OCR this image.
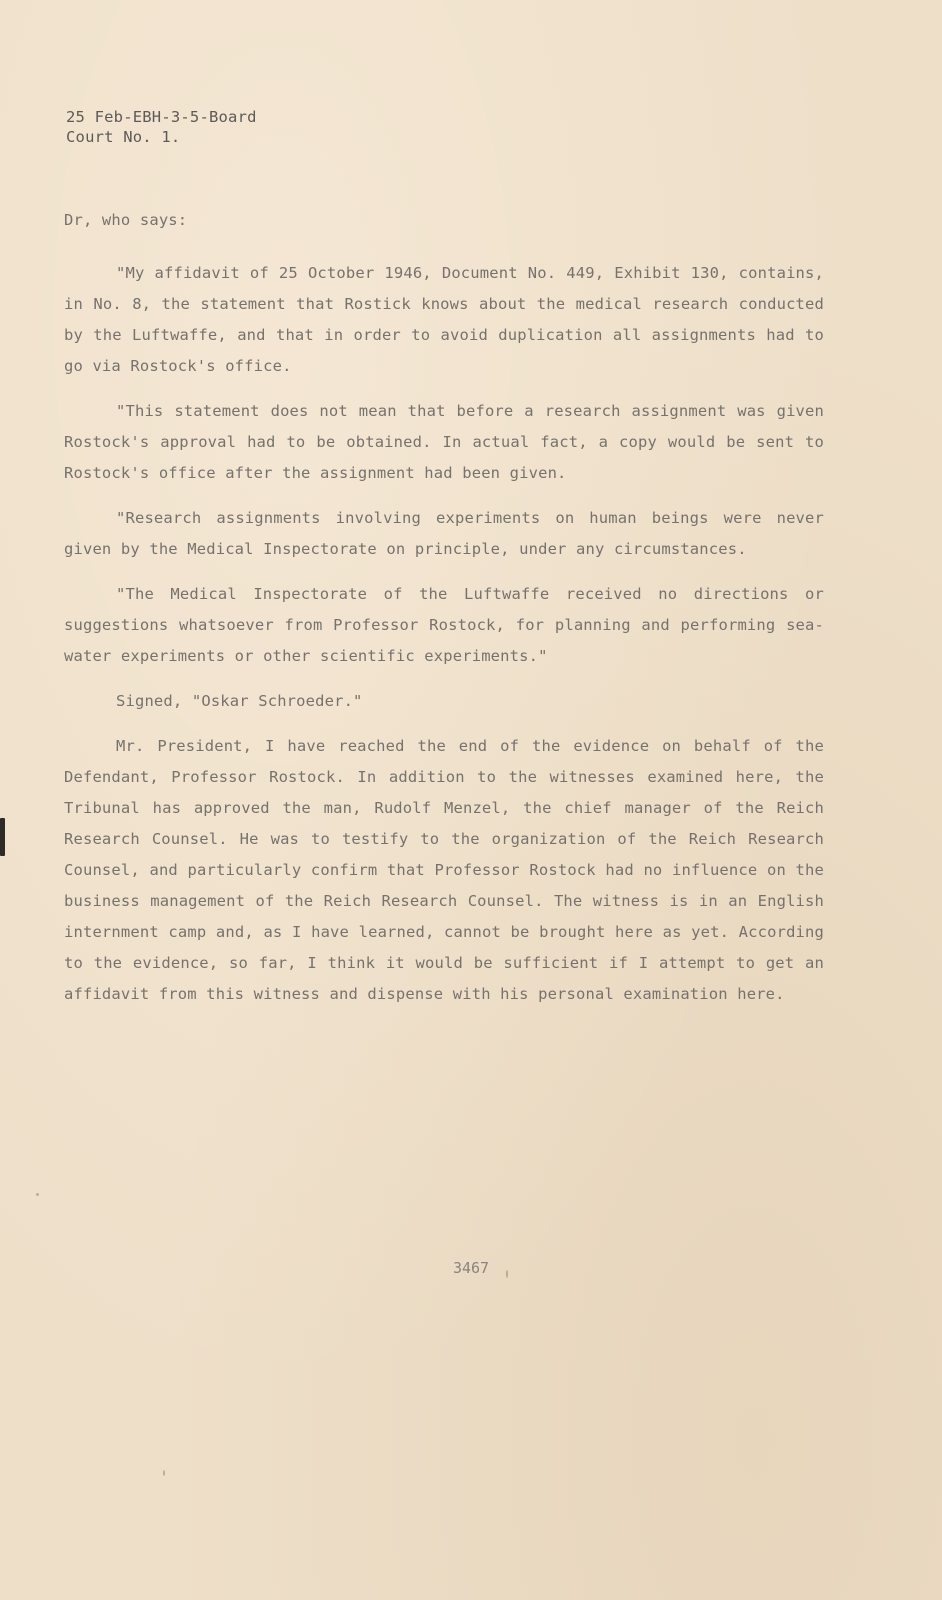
25 Feb-EBH-3-5-Board
Court No. 1.

Dr, who says:

"My affidavit of 25 October 1946, Document No. 449, Exhibit 130, contains, in No. 8, the statement that Rostick knows about the medical research conducted by the Luftwaffe, and that in order to avoid duplication all assignments had to go via Rostock's office.

"This statement does not mean that before a research assignment was given Rostock's approval had to be obtained. In actual fact, a copy would be sent to Rostock's office after the assignment had been given.

"Research assignments involving experiments on human beings were never given by the Medical Inspectorate on principle, under any circumstances.

"The Medical Inspectorate of the Luftwaffe received no directions or suggestions whatsoever from Professor Rostock, for planning and performing sea-water experiments or other scientific experiments."

Signed, "Oskar Schroeder."

Mr. President, I have reached the end of the evidence on behalf of the Defendant, Professor Rostock. In addition to the witnesses examined here, the Tribunal has approved the man, Rudolf Menzel, the chief manager of the Reich Research Counsel. He was to testify to the organization of the Reich Research Counsel, and particularly confirm that Professor Rostock had no influence on the business management of the Reich Research Counsel. The witness is in an English internment camp and, as I have learned, cannot be brought here as yet. According to the evidence, so far, I think it would be sufficient if I attempt to get an affidavit from this witness and dispense with his personal examination here.

3467
